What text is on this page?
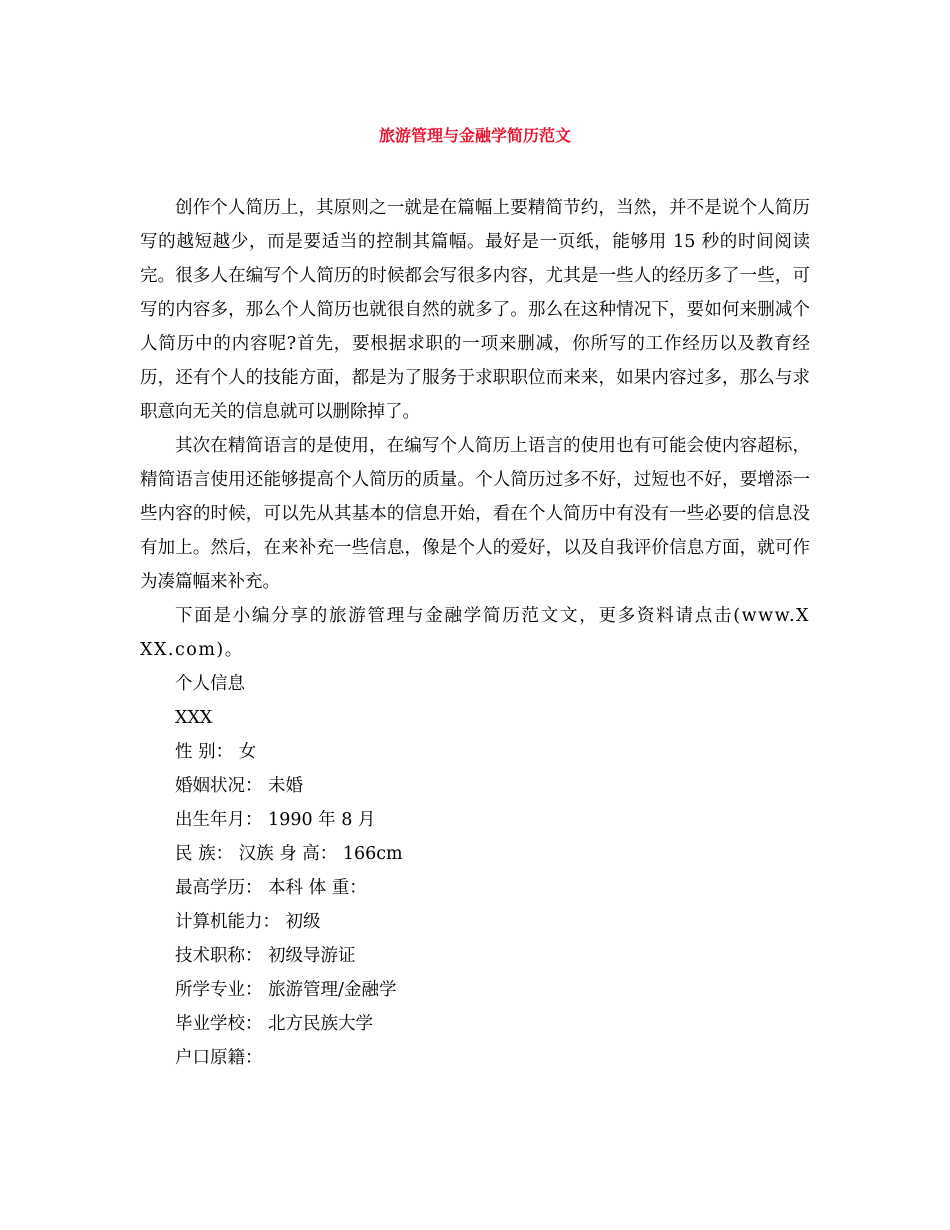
旅游管理与金融学简历范文

创作个人简历上，其原则之一就是在篇幅上要精简节约，当然，并不是说个人简历写的越短越少，而是要适当的控制其篇幅。最好是一页纸，能够用 15 秒的时间阅读完。很多人在编写个人简历的时候都会写很多内容，尤其是一些人的经历多了一些，可写的内容多，那么个人简历也就很自然的就多了。那么在这种情况下，要如何来删减个人简历中的内容呢?首先，要根据求职的一项来删减，你所写的工作经历以及教育经历，还有个人的技能方面，都是为了服务于求职职位而来来，如果内容过多，那么与求职意向无关的信息就可以删除掉了。

其次在精简语言的是使用，在编写个人简历上语言的使用也有可能会使内容超标，精简语言使用还能够提高个人简历的质量。个人简历过多不好，过短也不好，要增添一些内容的时候，可以先从其基本的信息开始，看在个人简历中有没有一些必要的信息没有加上。然后，在来补充一些信息，像是个人的爱好，以及自我评价信息方面，就可作为凑篇幅来补充。

下面是小编分享的旅游管理与金融学简历范文文，更多资料请点击(www.XXX.com)。

个人信息
XXX
性 别： 女
婚姻状况： 未婚
出生年月： 1990 年 8 月
民 族： 汉族 身 高： 166cm
最高学历： 本科 体 重：
计算机能力： 初级
技术职称： 初级导游证
所学专业： 旅游管理/金融学
毕业学校： 北方民族大学
户口原籍：
